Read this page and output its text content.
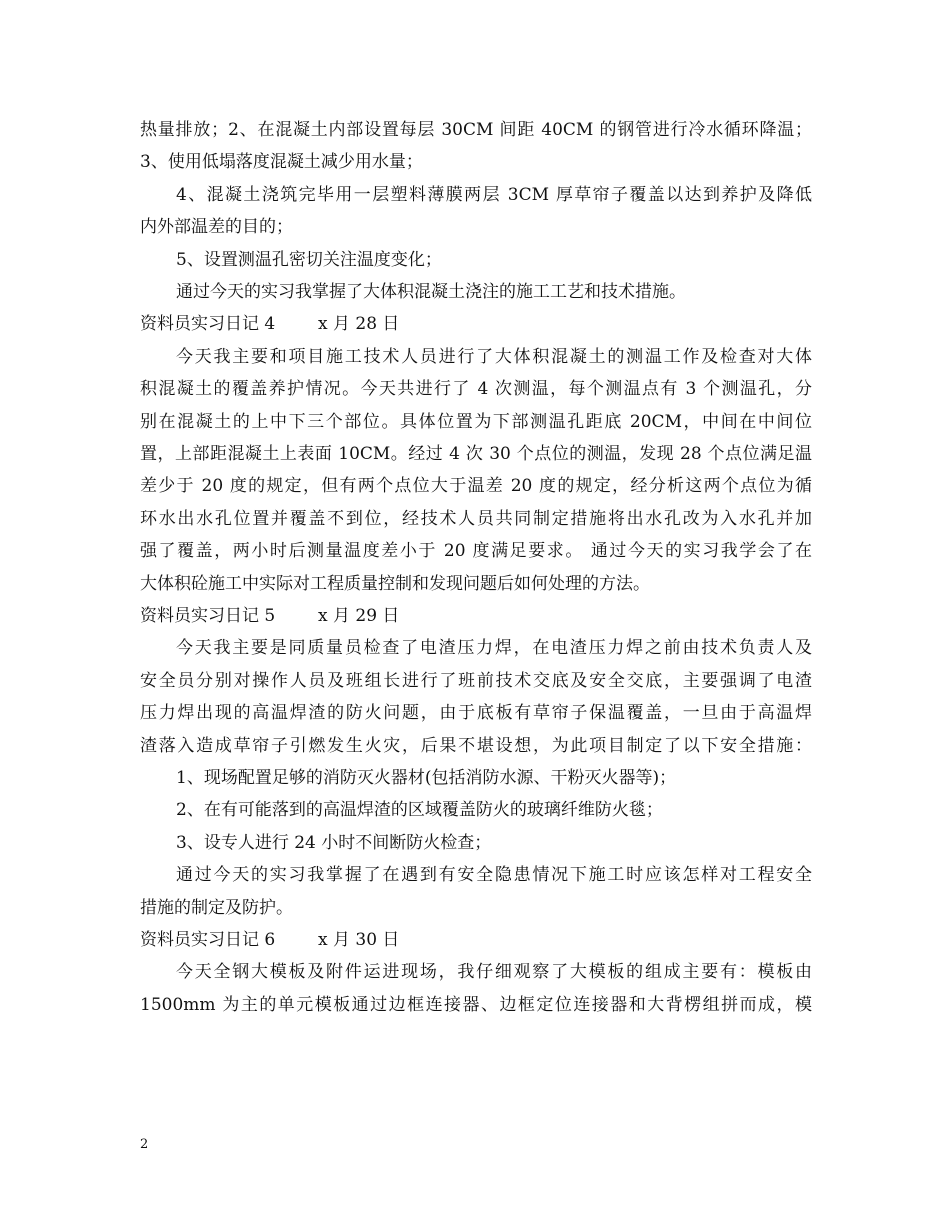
热量排放；2、在混凝土内部设置每层 30CM 间距 40CM 的钢管进行冷水循环降温；
3、使用低塌落度混凝土减少用水量；
4、混凝土浇筑完毕用一层塑料薄膜两层 3CM 厚草帘子覆盖以达到养护及降低
内外部温差的目的；
5、设置测温孔密切关注温度变化；
通过今天的实习我掌握了大体积混凝土浇注的施工工艺和技术措施。
资料员实习日记 4	x 月 28 日
今天我主要和项目施工技术人员进行了大体积混凝土的测温工作及检查对大体
积混凝土的覆盖养护情况。今天共进行了 4 次测温，每个测温点有 3 个测温孔，分
别在混凝土的上中下三个部位。具体位置为下部测温孔距底 20CM，中间在中间位
置，上部距混凝土上表面 10CM。经过 4 次 30 个点位的测温，发现 28 个点位满足温
差少于 20 度的规定，但有两个点位大于温差 20 度的规定，经分析这两个点位为循
环水出水孔位置并覆盖不到位，经技术人员共同制定措施将出水孔改为入水孔并加
强了覆盖，两小时后测量温度差小于 20 度满足要求。 通过今天的实习我学会了在
大体积砼施工中实际对工程质量控制和发现问题后如何处理的方法。
资料员实习日记 5	x 月 29 日
今天我主要是同质量员检查了电渣压力焊，在电渣压力焊之前由技术负责人及
安全员分别对操作人员及班组长进行了班前技术交底及安全交底，主要强调了电渣
压力焊出现的高温焊渣的防火问题，由于底板有草帘子保温覆盖，一旦由于高温焊
渣落入造成草帘子引燃发生火灾，后果不堪设想，为此项目制定了以下安全措施：
1、现场配置足够的消防灭火器材(包括消防水源、干粉灭火器等)；
2、在有可能落到的高温焊渣的区域覆盖防火的玻璃纤维防火毯；
3、设专人进行 24 小时不间断防火检查；
通过今天的实习我掌握了在遇到有安全隐患情况下施工时应该怎样对工程安全
措施的制定及防护。
资料员实习日记 6	x 月 30 日
今天全钢大模板及附件运进现场，我仔细观察了大模板的组成主要有：模板由
1500mm 为主的单元模板通过边框连接器、边框定位连接器和大背楞组拼而成，模
2
